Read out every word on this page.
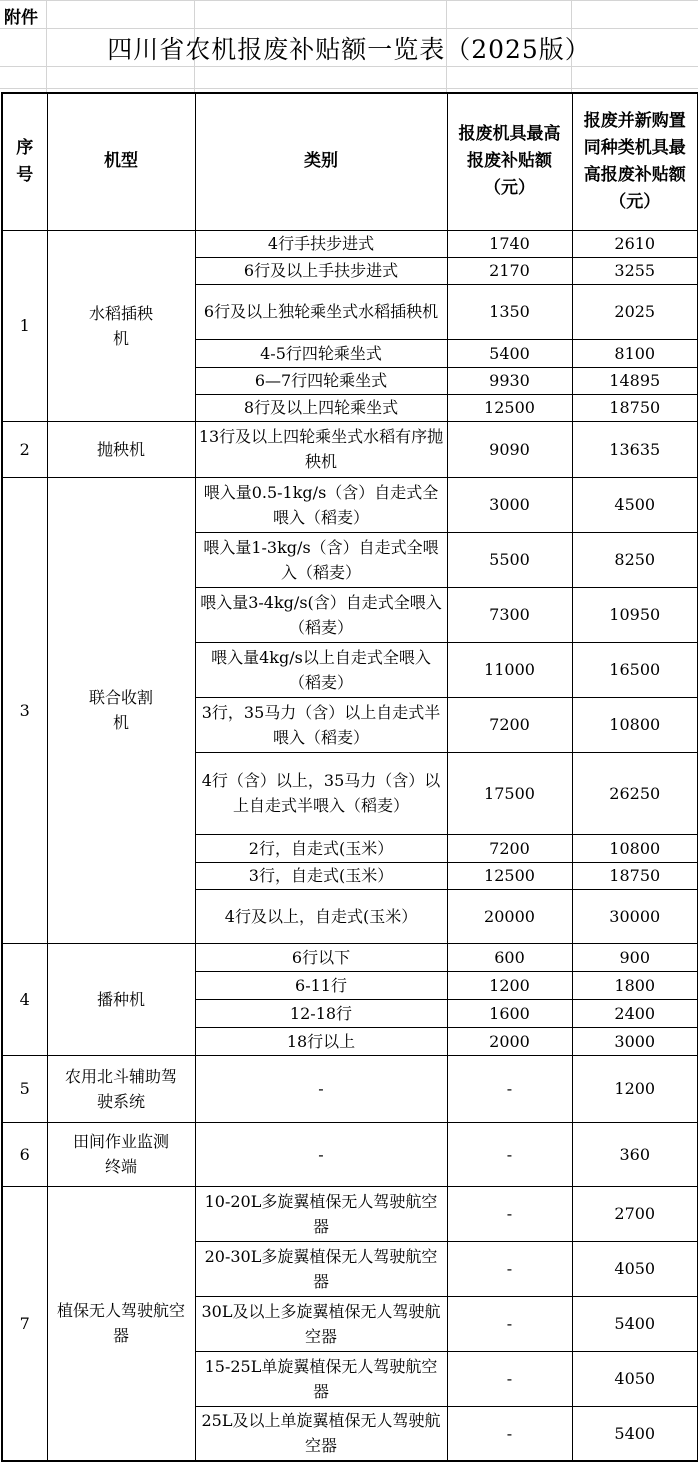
附件
四川省农机报废补贴额一览表（2025版）
序号	机型	类别	报废机具最高报废补贴额（元）	报废并新购置同种类机具最高报废补贴额（元）
1	水稻插秧机	4行手扶步进式	1740	2610
		6行及以上手扶步进式	2170	3255
		6行及以上独轮乘坐式水稻插秧机	1350	2025
		4-5行四轮乘坐式	5400	8100
		6—7行四轮乘坐式	9930	14895
		8行及以上四轮乘坐式	12500	18750
2	抛秧机	13行及以上四轮乘坐式水稻有序抛秧机	9090	13635
3	联合收割机	喂入量0.5-1kg/s（含）自走式全喂入（稻麦）	3000	4500
		喂入量1-3kg/s（含）自走式全喂入（稻麦）	5500	8250
		喂入量3-4kg/s(含）自走式全喂入（稻麦）	7300	10950
		喂入量4kg/s以上自走式全喂入（稻麦）	11000	16500
		3行，35马力（含）以上自走式半喂入（稻麦）	7200	10800
		4行（含）以上，35马力（含）以上自走式半喂入（稻麦）	17500	26250
		2行，自走式(玉米）	7200	10800
		3行，自走式(玉米）	12500	18750
		4行及以上，自走式(玉米）	20000	30000
4	播种机	6行以下	600	900
		6-11行	1200	1800
		12-18行	1600	2400
		18行以上	2000	3000
5	农用北斗辅助驾驶系统	-	-	1200
6	田间作业监测终端	-	-	360
7	植保无人驾驶航空器	10-20L多旋翼植保无人驾驶航空器	-	2700
		20-30L多旋翼植保无人驾驶航空器	-	4050
		30L及以上多旋翼植保无人驾驶航空器	-	5400
		15-25L单旋翼植保无人驾驶航空器	-	4050
		25L及以上单旋翼植保无人驾驶航空器	-	5400
